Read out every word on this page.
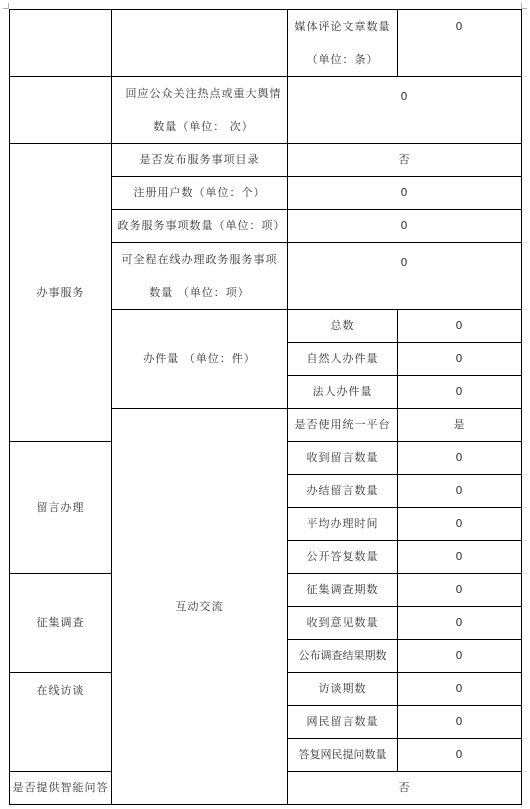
		媒体评论文章数量
（单位：条）	0

	回应公众关注热点或重大舆情
数量（单位： 次）	0	
办事服务	是否发布服务事项目录	否	
	注册用户数（单位：个）	0	
	政务服务事项数量（单位：项）	0	

	可全程在线办理政务服务事项
数量 （单位：项）	0	
	办件量 （单位：件）	总数	0
		自然人办件量	0
		法人办件量	0
	互动交流	是否使用统一平台	是
留言办理		收到留言数量	0
		办结留言数量	0
		平均办理时间	0
		公开答复数量	0
征集调查		征集调查期数	0
		收到意见数量	0
		公布调查结果期数	0
在线访谈		访谈期数	0
		网民留言数量	0
		答复网民提问数量	0
是否提供智能问答		否	
